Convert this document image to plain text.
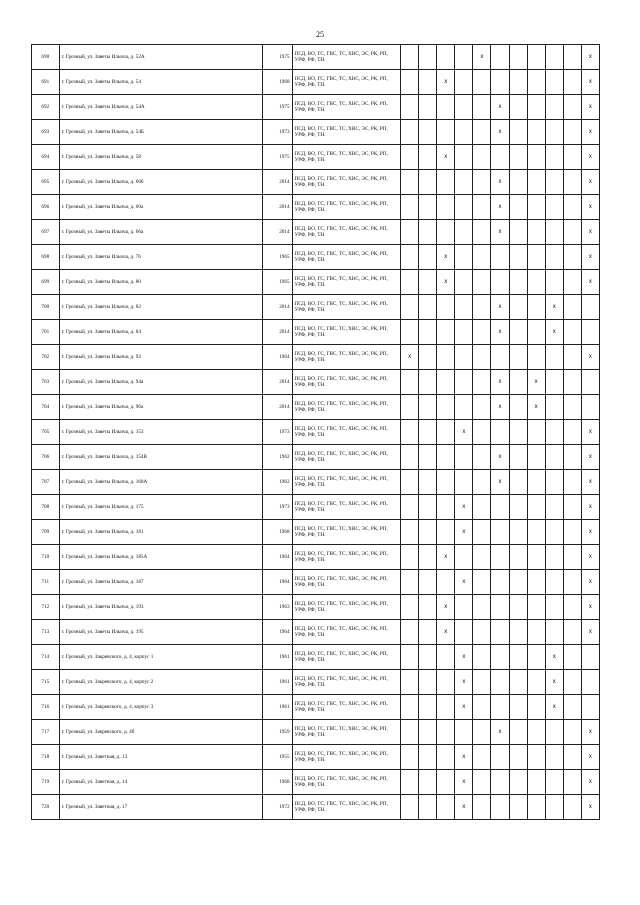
25
690	г. Грозный, ул. Заветы Ильича, д. 52А	1975	ПСД, ВО, ГС, ГВС, ТС, ХВС, ЭС, РК, РП, УРФ, РФ, ТН.					x						x
691	г. Грозный, ул. Заветы Ильича, д. 54	1968	ПСД, ВО, ГС, ГВС, ТС, ХВС, ЭС, РК, РП, УРФ, РФ, ТН.			x								x
692	г. Грозный, ул. Заветы Ильича, д. 54А	1975	ПСД, ВО, ГС, ГВС, ТС, ХВС, ЭС, РК, РП, УРФ, РФ, ТН.						x					x
693	г. Грозный, ул. Заветы Ильича, д. 54Б	1973	ПСД, ВО, ГС, ГВС, ТС, ХВС, ЭС, РК, РП, УРФ, РФ, ТН.						x					x
694	г. Грозный, ул. Заветы Ильича, д. 58	1975	ПСД, ВО, ГС, ГВС, ТС, ХВС, ЭС, РК, РП, УРФ, РФ, ТН.			x								x
695	г. Грозный, ул. Заветы Ильича, д. 60б	2014	ПСД, ВО, ГС, ГВС, ТС, ХВС, ЭС, РК, РП, УРФ, РФ, ТН.						x					x
696	г. Грозный, ул. Заветы Ильича, д. 60а	2014	ПСД, ВО, ГС, ГВС, ТС, ХВС, ЭС, РК, РП, УРФ, РФ, ТН.						x					x
697	г. Грозный, ул. Заветы Ильича, д. 66а	2014	ПСД, ВО, ГС, ГВС, ТС, ХВС, ЭС, РК, РП, УРФ, РФ, ТН.						x					x
698	г. Грозный, ул. Заветы Ильича, д. 76	1965	ПСД, ВО, ГС, ГВС, ТС, ХВС, ЭС, РК, РП, УРФ, РФ, ТН.			x								x
699	г. Грозный, ул. Заветы Ильича, д. 80	1965	ПСД, ВО, ГС, ГВС, ТС, ХВС, ЭС, РК, РП, УРФ, РФ, ТН.			x								x
700	г. Грозный, ул. Заветы Ильича, д. 82	2014	ПСД, ВО, ГС, ГВС, ТС, ХВС, ЭС, РК, РП, УРФ, РФ, ТН.						x			x		
701	г. Грозный, ул. Заветы Ильича, д. 84	2014	ПСД, ВО, ГС, ГВС, ТС, ХВС, ЭС, РК, РП, УРФ, РФ, ТН.						x			x		
702	г. Грозный, ул. Заветы Ильича, д. 92	1964	ПСД, ВО, ГС, ГВС, ТС, ХВС, ЭС, РК, РП, УРФ, РФ, ТН.	x										x
703	г. Грозный, ул. Заветы Ильича, д. 94а	2014	ПСД, ВО, ГС, ГВС, ТС, ХВС, ЭС, РК, РП, УРФ, РФ, ТН.						x		x			
704	г. Грозный, ул. Заветы Ильича, д. 96а	2014	ПСД, ВО, ГС, ГВС, ТС, ХВС, ЭС, РК, РП, УРФ, РФ, ТН.						x		x			
705	г. Грозный, ул. Заветы Ильича, д. 153	1973	ПСД, ВО, ГС, ГВС, ТС, ХВС, ЭС, РК, РП, УРФ, РФ, ТН.				x							x
706	г. Грозный, ул. Заветы Ильича, д. 154В	1962	ПСД, ВО, ГС, ГВС, ТС, ХВС, ЭС, РК, РП, УРФ, РФ, ТН.						x					x
707	г. Грозный, ул. Заветы Ильича, д. 160А	1962	ПСД, ВО, ГС, ГВС, ТС, ХВС, ЭС, РК, РП, УРФ, РФ, ТН.						x					x
708	г. Грозный, ул. Заветы Ильича, д. 175	1973	ПСД, ВО, ГС, ГВС, ТС, ХВС, ЭС, РК, РП, УРФ, РФ, ТН.				x							x
709	г. Грозный, ул. Заветы Ильича, д. 181	1968	ПСД, ВО, ГС, ГВС, ТС, ХВС, ЭС, РК, РП, УРФ, РФ, ТН.				x							x
710	г. Грозный, ул. Заветы Ильича, д. 185А	1964	ПСД, ВО, ГС, ГВС, ТС, ХВС, ЭС, РК, РП, УРФ, РФ, ТН.			x								x
711	г. Грозный, ул. Заветы Ильича, д. 187	1964	ПСД, ВО, ГС, ГВС, ТС, ХВС, ЭС, РК, РП, УРФ, РФ, ТН.				x							x
712	г. Грозный, ул. Заветы Ильича, д. 193	1963	ПСД, ВО, ГС, ГВС, ТС, ХВС, ЭС, РК, РП, УРФ, РФ, ТН.			x								x
713	г. Грозный, ул. Заветы Ильича, д. 195	1964	ПСД, ВО, ГС, ГВС, ТС, ХВС, ЭС, РК, РП, УРФ, РФ, ТН.			x								x
714	г. Грозный, ул. Закревского, д. 4, корпус 1	1961	ПСД, ВО, ГС, ГВС, ТС, ХВС, ЭС, РК, РП, УРФ, РФ, ТН.				x					x		
715	г. Грозный, ул. Закревского, д. 4, корпус 2	1961	ПСД, ВО, ГС, ГВС, ТС, ХВС, ЭС, РК, РП, УРФ, РФ, ТН.				x					x		
716	г. Грозный, ул. Закревского, д. 4, корпус 3	1961	ПСД, ВО, ГС, ГВС, ТС, ХВС, ЭС, РК, РП, УРФ, РФ, ТН.				x					x		
717	г. Грозный, ул. Закревского, д. 4б	1959	ПСД, ВО, ГС, ГВС, ТС, ХВС, ЭС, РК, РП, УРФ, РФ, ТН.						x					x
718	г. Грозный, ул. Заветная, д. 13	1955	ПСД, ВО, ГС, ГВС, ТС, ХВС, ЭС, РК, РП, УРФ, РФ, ТН.				x							x
719	г. Грозный, ул. Заветная, д. 14	1968	ПСД, ВО, ГС, ГВС, ТС, ХВС, ЭС, РК, РП, УРФ, РФ, ТН.				x							x
720	г. Грозный, ул. Заветная, д. 17	1972	ПСД, ВО, ГС, ГВС, ТС, ХВС, ЭС, РК, РП, УРФ, РФ, ТН.				x							x
